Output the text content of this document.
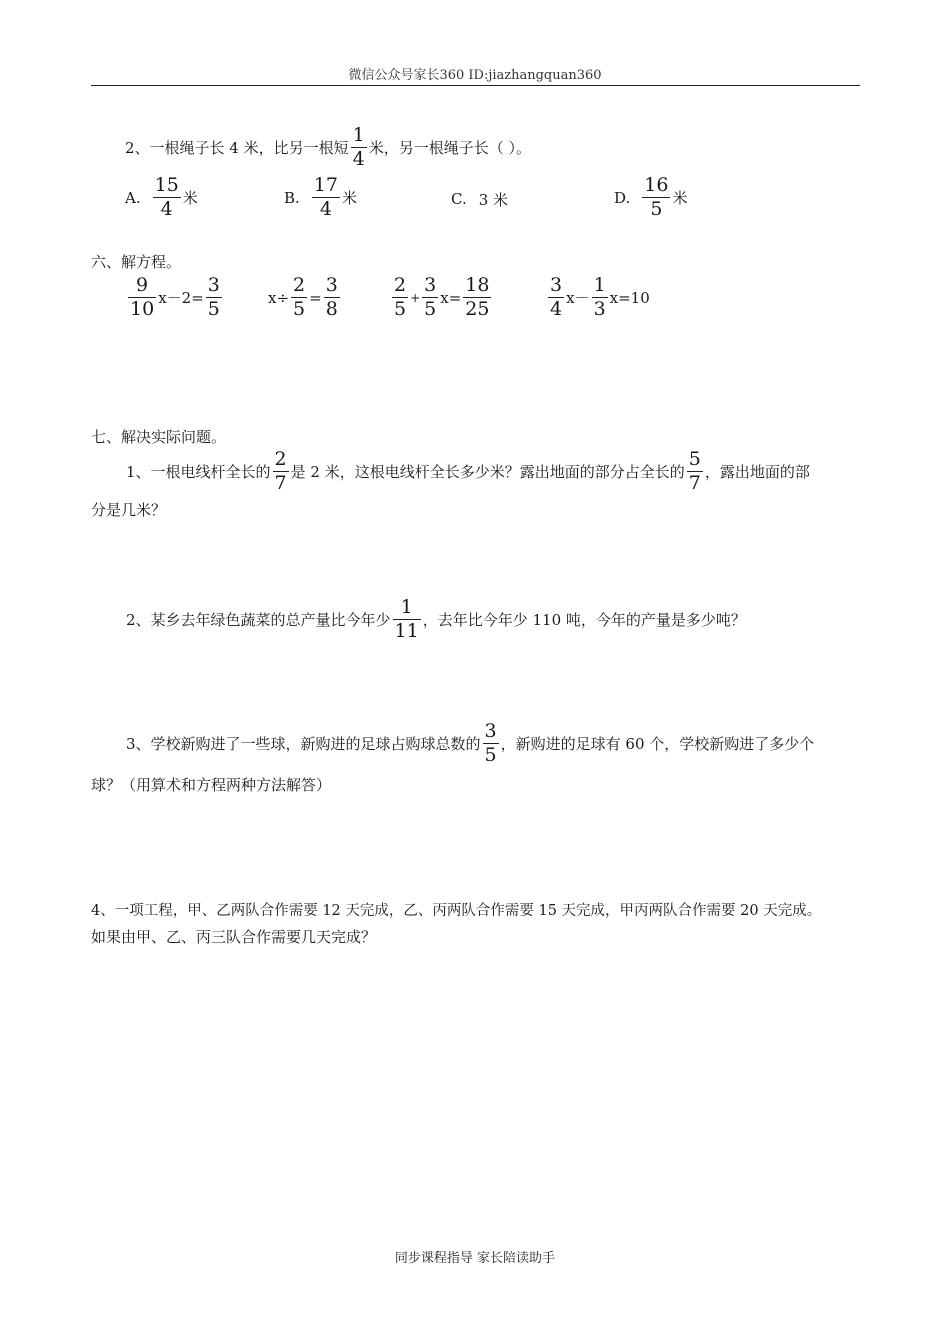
微信公众号家长360 ID:jiazhangquan360
2、一根绳子长 4 米，比另一根短 $\frac{1}{4}$ 米，另一根绳子长（ ）。
A. $\frac{15}{4}$ 米	B. $\frac{17}{4}$ 米	C. 3 米	D. $\frac{16}{5}$ 米
六、解方程。
$\frac{9}{10} x-2= \frac{3}{5}$	$x\div \frac{2}{5} = \frac{3}{8}$	$\frac{2}{5} + \frac{3}{5} x= \frac{18}{25}$	$\frac{3}{4} x- \frac{1}{3} x=10$
七、解决实际问题。
1、一根电线杆全长的 $\frac{2}{7}$ 是 2 米，这根电线杆全长多少米？露出地面的部分占全长的 $\frac{5}{7}$ ，露出地面的部
分是几米？
2、某乡去年绿色蔬菜的总产量比今年少 $\frac{1}{11}$ ，去年比今年少 110 吨，今年的产量是多少吨？
3、学校新购进了一些球，新购进的足球占购球总数的 $\frac{3}{5}$ ，新购进的足球有 60 个，学校新购进了多少个
球？（用算术和方程两种方法解答）
4、一项工程，甲、乙两队合作需要 12 天完成，乙、丙两队合作需要 15 天完成，甲丙两队合作需要 20 天完成。
如果由甲、乙、丙三队合作需要几天完成？
同步课程指导 家长陪读助手
